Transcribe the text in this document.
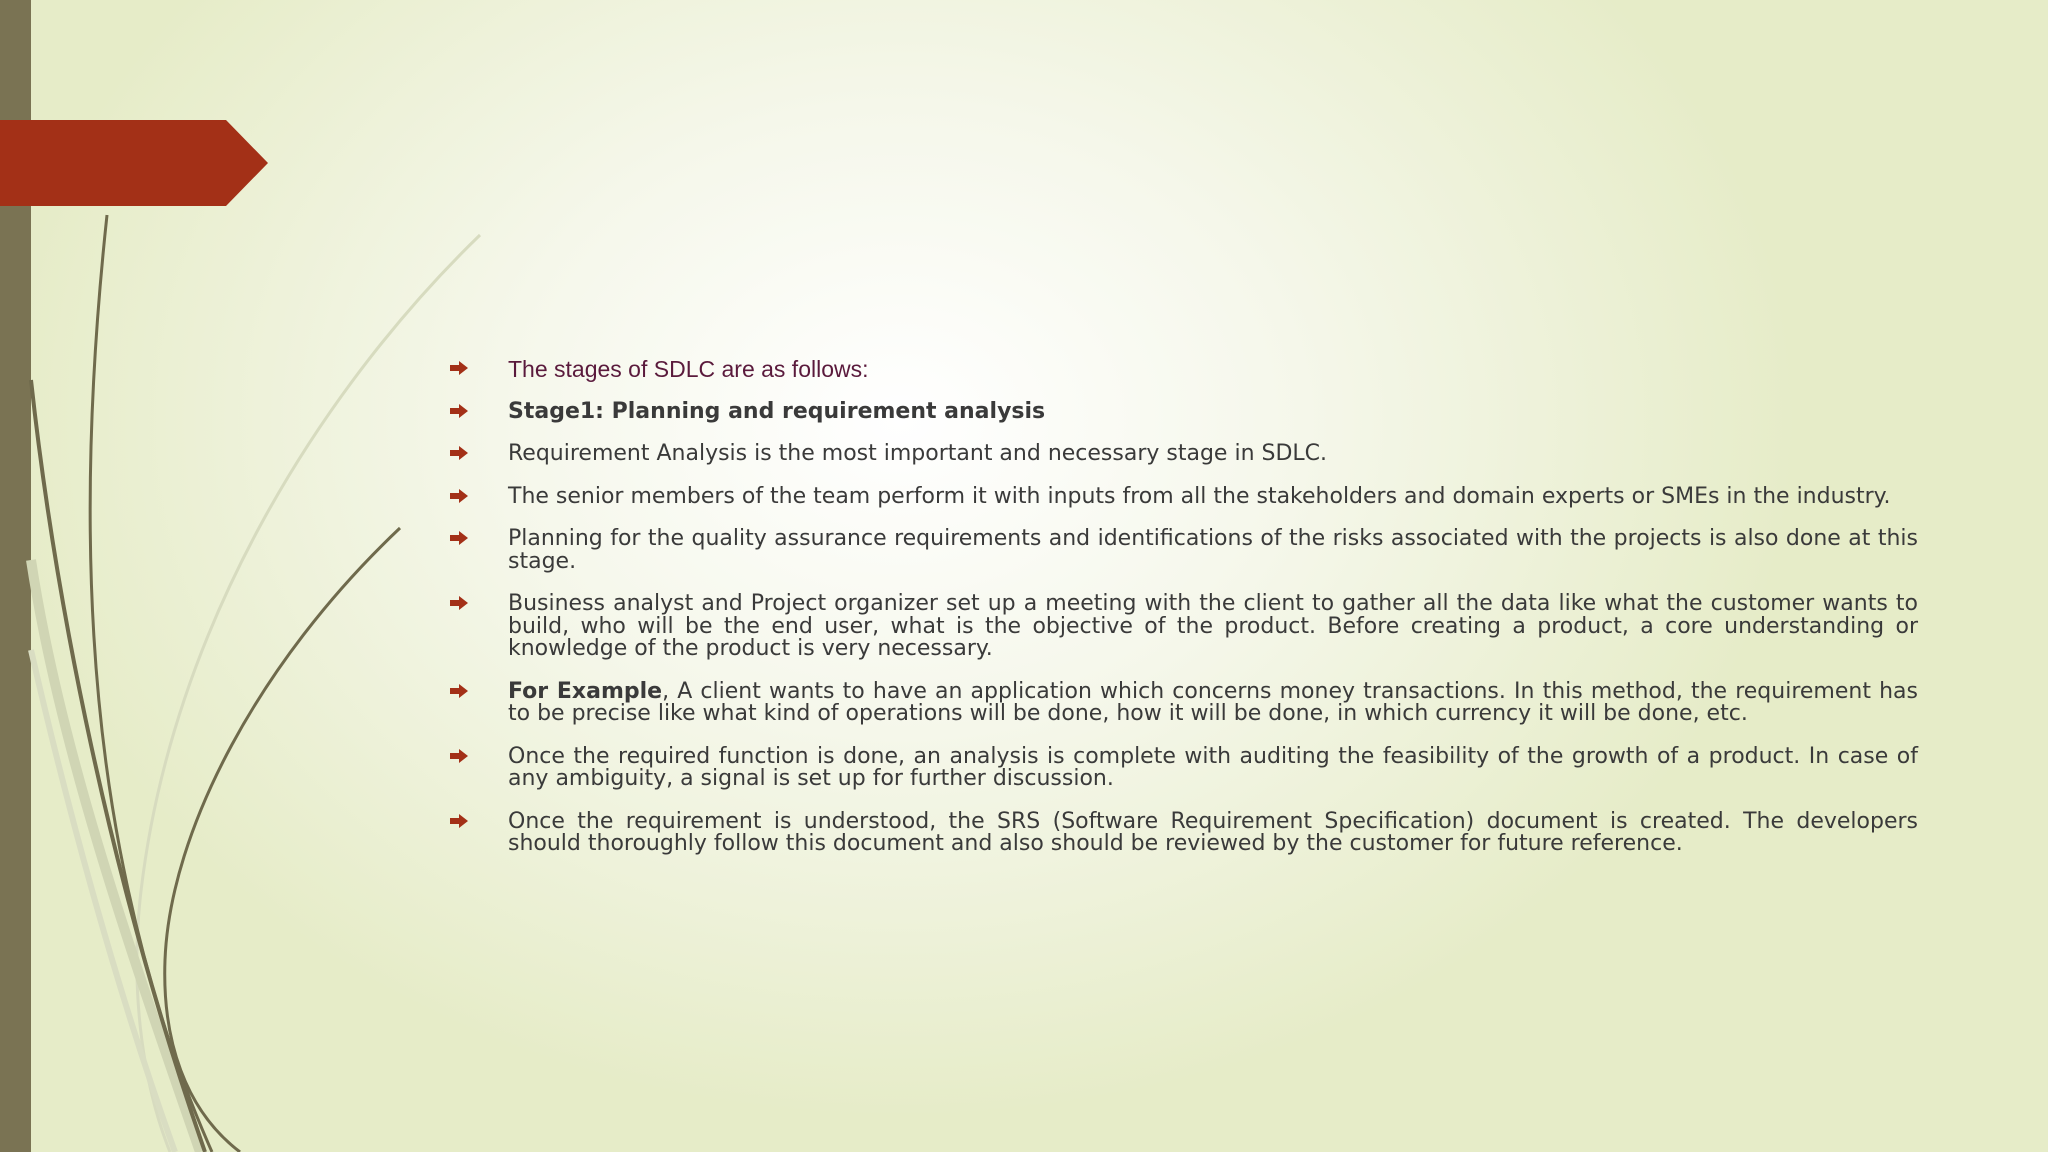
The stages of SDLC are as follows:
Stage1: Planning and requirement analysis
Requirement Analysis is the most important and necessary stage in SDLC.
The senior members of the team perform it with inputs from all the stakeholders and domain experts or SMEs in the industry.
Planning for the quality assurance requirements and identifications of the risks associated with the projects is also done at this stage.
Business analyst and Project organizer set up a meeting with the client to gather all the data like what the customer wants to build, who will be the end user, what is the objective of the product. Before creating a product, a core understanding or knowledge of the product is very necessary.
For Example, A client wants to have an application which concerns money transactions. In this method, the requirement has to be precise like what kind of operations will be done, how it will be done, in which currency it will be done, etc.
Once the required function is done, an analysis is complete with auditing the feasibility of the growth of a product. In case of any ambiguity, a signal is set up for further discussion.
Once the requirement is understood, the SRS (Software Requirement Specification) document is created. The developers should thoroughly follow this document and also should be reviewed by the customer for future reference.
